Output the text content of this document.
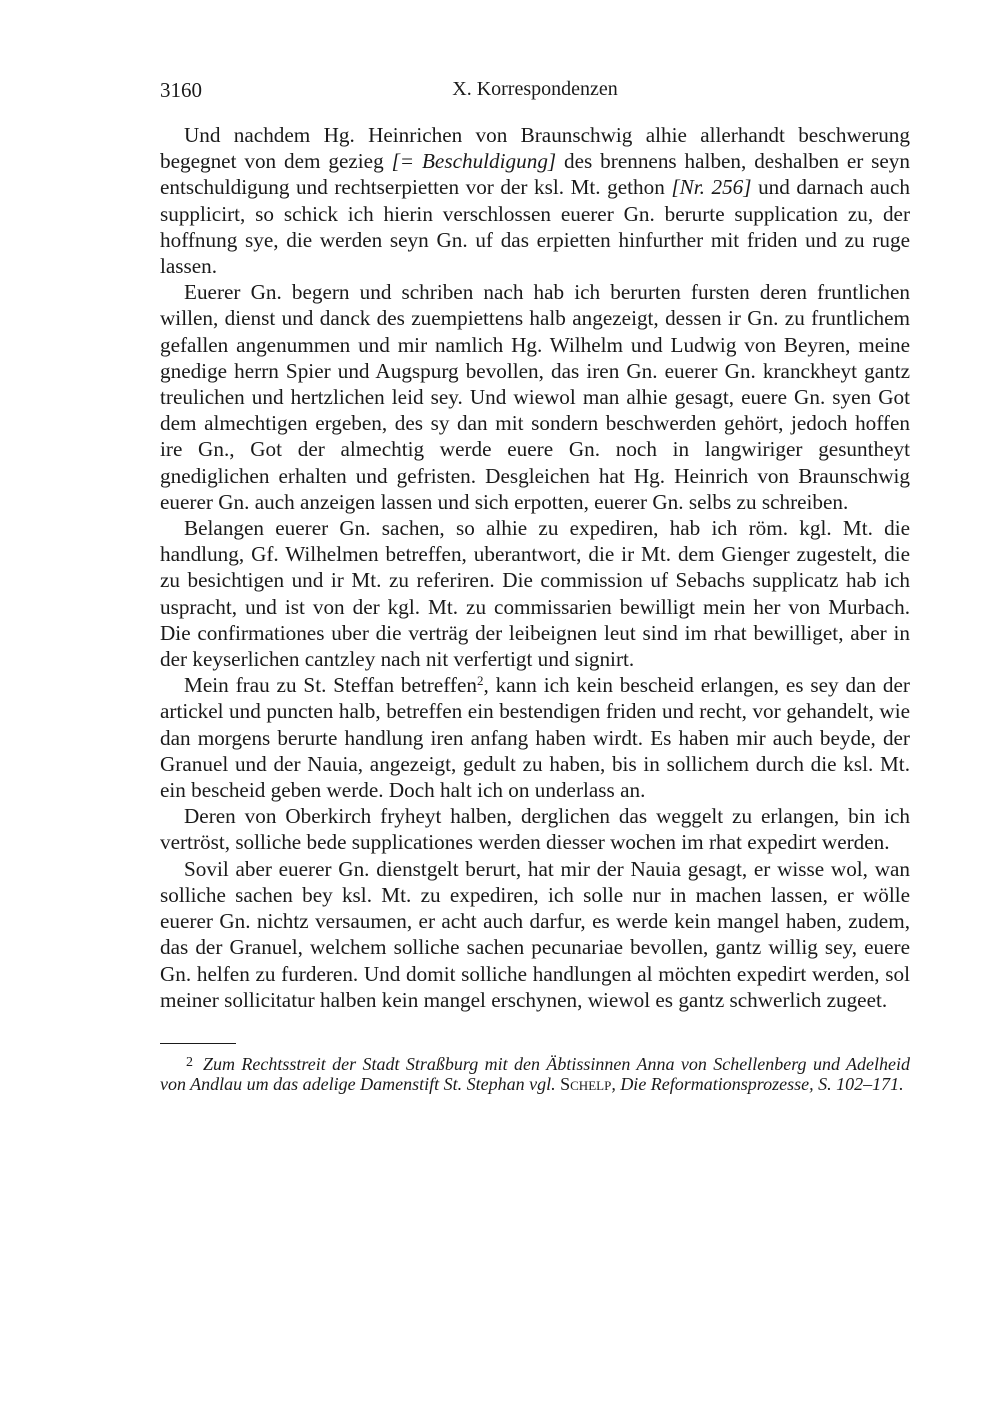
3160	X. Korrespondenzen

Und nachdem Hg. Heinrichen von Braunschwig alhie allerhandt beschwerung begegnet von dem gezieg [= Beschuldigung] des brennens halben, deshalben er seyn entschuldigung und rechtserpietten vor der ksl. Mt. gethon [Nr. 256] und darnach auch supplicirt, so schick ich hierin verschlossen euerer Gn. berurte supplication zu, der hoffnung sye, die werden seyn Gn. uf das erpietten hinfurther mit friden und zu ruge lassen.

Euerer Gn. begern und schriben nach hab ich berurten fursten deren fruntlichen willen, dienst und danck des zuempiettens halb angezeigt, dessen ir Gn. zu fruntlichem gefallen angenummen und mir namlich Hg. Wilhelm und Ludwig von Beyren, meine gnedige herrn Spier und Augspurg bevollen, das iren Gn. euerer Gn. kranckheyt gantz treulichen und hertzlichen leid sey. Und wiewol man alhie gesagt, euere Gn. syen Got dem almechtigen ergeben, des sy dan mit sondern beschwerden gehört, jedoch hoffen ire Gn., Got der almechtig werde euere Gn. noch in langwiriger gesuntheyt gnediglichen erhalten und gefristen. Desgleichen hat Hg. Heinrich von Braunschwig euerer Gn. auch anzeigen lassen und sich erpotten, euerer Gn. selbs zu schreiben.

Belangen euerer Gn. sachen, so alhie zu expediren, hab ich röm. kgl. Mt. die handlung, Gf. Wilhelmen betreffen, uberantwort, die ir Mt. dem Gienger zugestelt, die zu besichtigen und ir Mt. zu referiren. Die commission uf Sebachs supplicatz hab ich uspracht, und ist von der kgl. Mt. zu commissarien bewilligt mein her von Murbach. Die confirmationes uber die verträg der leibeignen leut sind im rhat bewilliget, aber in der keyserlichen cantzley nach nit verfertigt und signirt.

Mein frau zu St. Steffan betreffen$^2$, kann ich kein bescheid erlangen, es sey dan der artickel und puncten halb, betreffen ein bestendigen friden und recht, vor gehandelt, wie dan morgens berurte handlung iren anfang haben wirdt. Es haben mir auch beyde, der Granuel und der Nauia, angezeigt, gedult zu haben, bis in sollichem durch die ksl. Mt. ein bescheid geben werde. Doch halt ich on underlass an.

Deren von Oberkirch fryheyt halben, derglichen das weggelt zu erlangen, bin ich vertröst, solliche bede supplicationes werden diesser wochen im rhat expedirt werden.

Sovil aber euerer Gn. dienstgelt berurt, hat mir der Nauia gesagt, er wisse wol, wan solliche sachen bey ksl. Mt. zu expediren, ich solle nur in machen lassen, er wölle euerer Gn. nichtz versaumen, er acht auch darfur, es werde kein mangel haben, zudem, das der Granuel, welchem solliche sachen pecunariae bevollen, gantz willig sey, euere Gn. helfen zu furderen. Und domit solliche handlungen al möchten expedirt werden, sol meiner sollicitatur halben kein mangel erschynen, wiewol es gantz schwerlich zugeet.

$^2$ Zum Rechtsstreit der Stadt Straßburg mit den Äbtissinnen Anna von Schellenberg und Adelheid von Andlau um das adelige Damenstift St. Stephan vgl. Schelp, Die Reformationsprozesse, S. 102–171.
